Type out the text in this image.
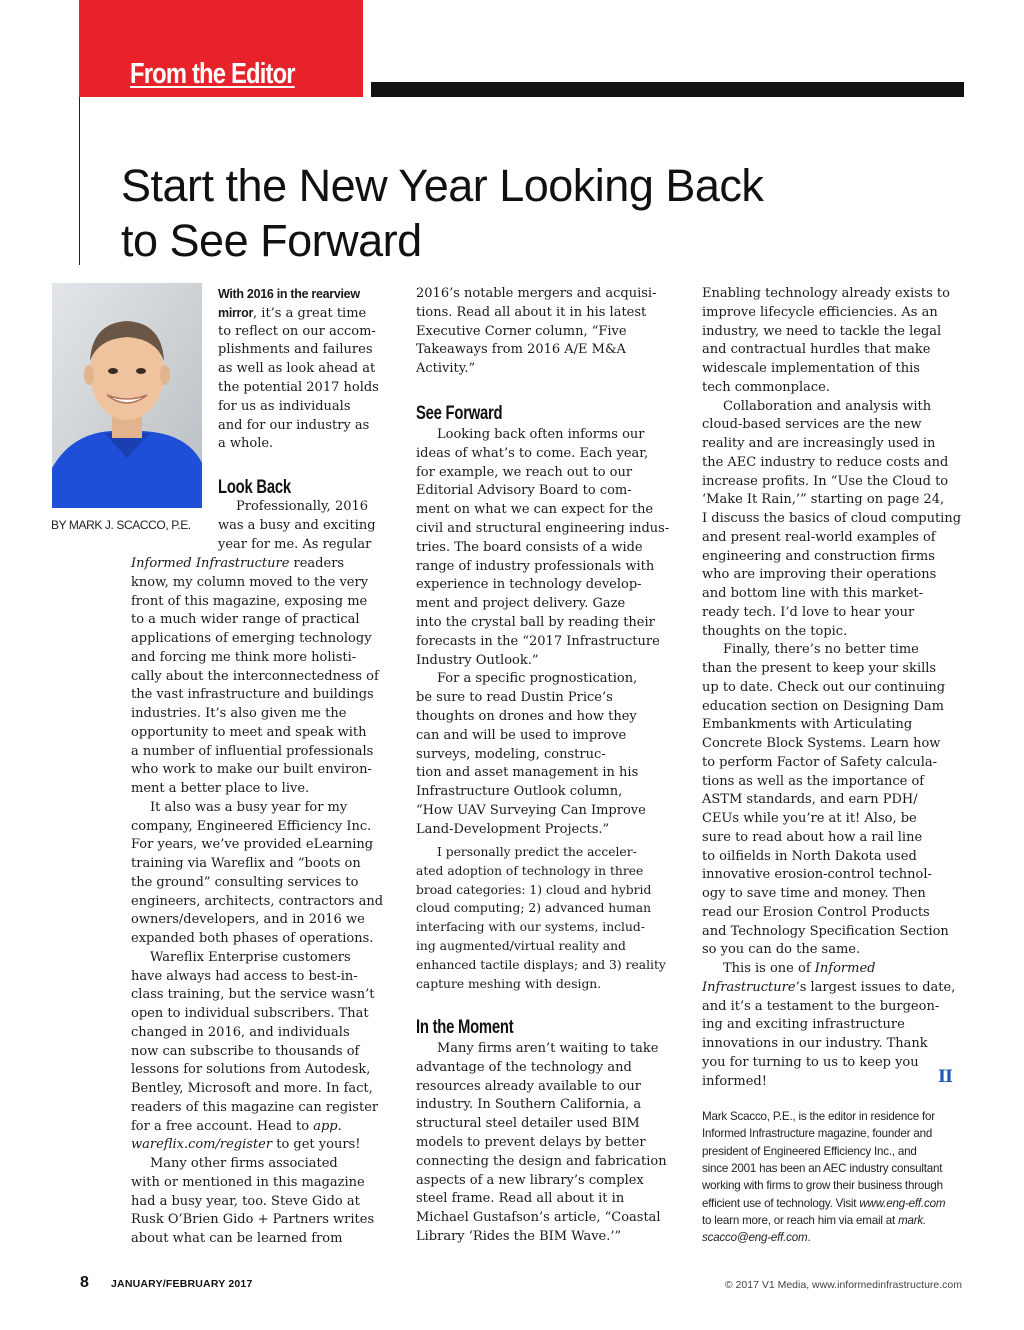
From the Editor
Start the New Year Looking Back
to See Forward
BY MARK J. SCACCO, P.E.
With 2016 in the rearview
mirror, it’s a great time
to reflect on our accom-
plishments and failures
as well as look ahead at
the potential 2017 holds
for us as individuals
and for our industry as
a whole.
Look Back
Professionally, 2016
was a busy and exciting
year for me. As regular
Informed Infrastructure readers
know, my column moved to the very
front of this magazine, exposing me
to a much wider range of practical
applications of emerging technology
and forcing me think more holisti-
cally about the interconnectedness of
the vast infrastructure and buildings
industries. It’s also given me the
opportunity to meet and speak with
a number of influential professionals
who work to make our built environ-
ment a better place to live.
It also was a busy year for my
company, Engineered Efficiency Inc.
For years, we’ve provided eLearning
training via Wareflix and “boots on
the ground” consulting services to
engineers, architects, contractors and
owners/developers, and in 2016 we
expanded both phases of operations.
Wareflix Enterprise customers
have always had access to best-in-
class training, but the service wasn’t
open to individual subscribers. That
changed in 2016, and individuals
now can subscribe to thousands of
lessons for solutions from Autodesk,
Bentley, Microsoft and more. In fact,
readers of this magazine can register
for a free account. Head to app.
wareflix.com/register to get yours!
Many other firms associated
with or mentioned in this magazine
had a busy year, too. Steve Gido at
Rusk O’Brien Gido + Partners writes
about what can be learned from
2016’s notable mergers and acquisi-
tions. Read all about it in his latest
Executive Corner column, “Five
Takeaways from 2016 A/E M&A
Activity.”
See Forward
Looking back often informs our
ideas of what’s to come. Each year,
for example, we reach out to our
Editorial Advisory Board to com-
ment on what we can expect for the
civil and structural engineering indus-
tries. The board consists of a wide
range of industry professionals with
experience in technology develop-
ment and project delivery. Gaze
into the crystal ball by reading their
forecasts in the “2017 Infrastructure
Industry Outlook.”
For a specific prognostication,
be sure to read Dustin Price’s
thoughts on drones and how they
can and will be used to improve
surveys, modeling, construc-
tion and asset management in his
Infrastructure Outlook column,
“How UAV Surveying Can Improve
Land-Development Projects.”
I personally predict the acceler-
ated adoption of technology in three
broad categories: 1) cloud and hybrid
cloud computing; 2) advanced human
interfacing with our systems, includ-
ing augmented/virtual reality and
enhanced tactile displays; and 3) reality
capture meshing with design.
In the Moment
Many firms aren’t waiting to take
advantage of the technology and
resources already available to our
industry. In Southern California, a
structural steel detailer used BIM
models to prevent delays by better
connecting the design and fabrication
aspects of a new library’s complex
steel frame. Read all about it in
Michael Gustafson’s article, “Coastal
Library ‘Rides the BIM Wave.’”
Enabling technology already exists to
improve lifecycle efficiencies. As an
industry, we need to tackle the legal
and contractual hurdles that make
widescale implementation of this
tech commonplace.
Collaboration and analysis with
cloud-based services are the new
reality and are increasingly used in
the AEC industry to reduce costs and
increase profits. In “Use the Cloud to
‘Make It Rain,’” starting on page 24,
I discuss the basics of cloud computing
and present real-world examples of
engineering and construction firms
who are improving their operations
and bottom line with this market-
ready tech. I’d love to hear your
thoughts on the topic.
Finally, there’s no better time
than the present to keep your skills
up to date. Check out our continuing
education section on Designing Dam
Embankments with Articulating
Concrete Block Systems. Learn how
to perform Factor of Safety calcula-
tions as well as the importance of
ASTM standards, and earn PDH/
CEUs while you’re at it! Also, be
sure to read about how a rail line
to oilfields in North Dakota used
innovative erosion-control technol-
ogy to save time and money. Then
read our Erosion Control Products
and Technology Specification Section
so you can do the same.
This is one of Informed
Infrastructure’s largest issues to date,
and it’s a testament to the burgeon-
ing and exciting infrastructure
innovations in our industry. Thank
you for turning to us to keep you
informed!	II
Mark Scacco, P.E., is the editor in residence for
Informed Infrastructure magazine, founder and
president of Engineered Efficiency Inc., and
since 2001 has been an AEC industry consultant
working with firms to grow their business through
efficient use of technology. Visit www.eng-eff.com
to learn more, or reach him via email at mark.
scacco@eng-eff.com.
8 JANUARY/FEBRUARY 2017	© 2017 V1 Media, www.informedinfrastructure.com
